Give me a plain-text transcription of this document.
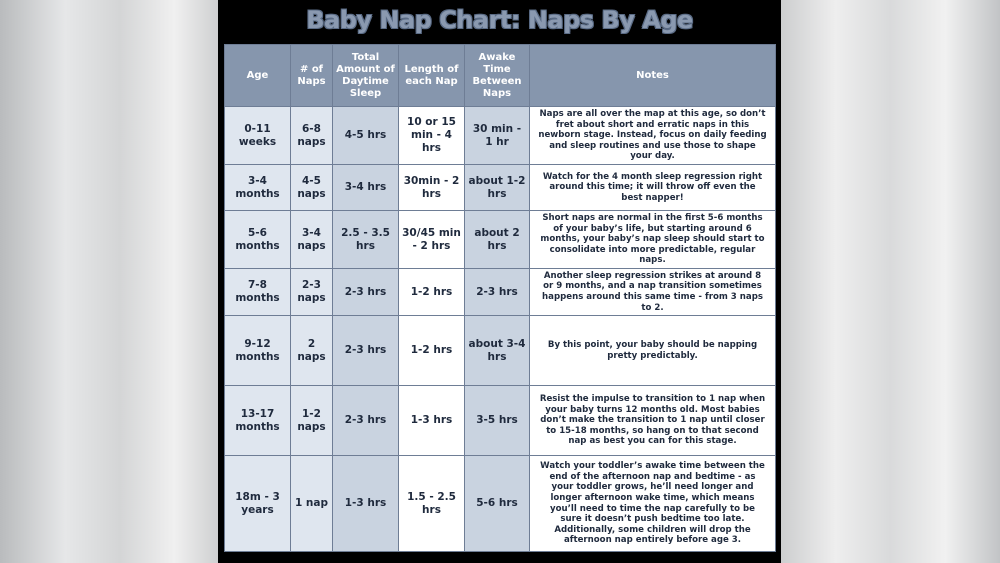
Baby Nap Chart: Naps By Age
Age	# of Naps	Total Amount of Daytime Sleep	Length of each Nap	Awake Time Between Naps	Notes
0-11 weeks	6-8 naps	4-5 hrs	10 or 15 min - 4 hrs	30 min - 1 hr	Naps are all over the map at this age, so don’t fret about short and erratic naps in this newborn stage. Instead, focus on daily feeding and sleep routines and use those to shape your day.
3-4 months	4-5 naps	3-4 hrs	30min - 2 hrs	about 1-2 hrs	Watch for the 4 month sleep regression right around this time; it will throw off even the best napper!
5-6 months	3-4 naps	2.5 - 3.5 hrs	30/45 min - 2 hrs	about 2 hrs	Short naps are normal in the first 5-6 months of your baby’s life, but starting around 6 months, your baby’s nap sleep should start to consolidate into more predictable, regular naps.
7-8 months	2-3 naps	2-3 hrs	1-2 hrs	2-3 hrs	Another sleep regression strikes at around 8 or 9 months, and a nap transition sometimes happens around this same time - from 3 naps to 2.
9-12 months	2 naps	2-3 hrs	1-2 hrs	about 3-4 hrs	By this point, your baby should be napping pretty predictably.
13-17 months	1-2 naps	2-3 hrs	1-3 hrs	3-5 hrs	Resist the impulse to transition to 1 nap when your baby turns 12 months old. Most babies don’t make the transition to 1 nap until closer to 15-18 months, so hang on to that second nap as best you can for this stage.
18m - 3 years	1 nap	1-3 hrs	1.5 - 2.5 hrs	5-6 hrs	Watch your toddler’s awake time between the end of the afternoon nap and bedtime - as your toddler grows, he’ll need longer and longer afternoon wake time, which means you’ll need to time the nap carefully to be sure it doesn’t push bedtime too late. Additionally, some children will drop the afternoon nap entirely before age 3.
